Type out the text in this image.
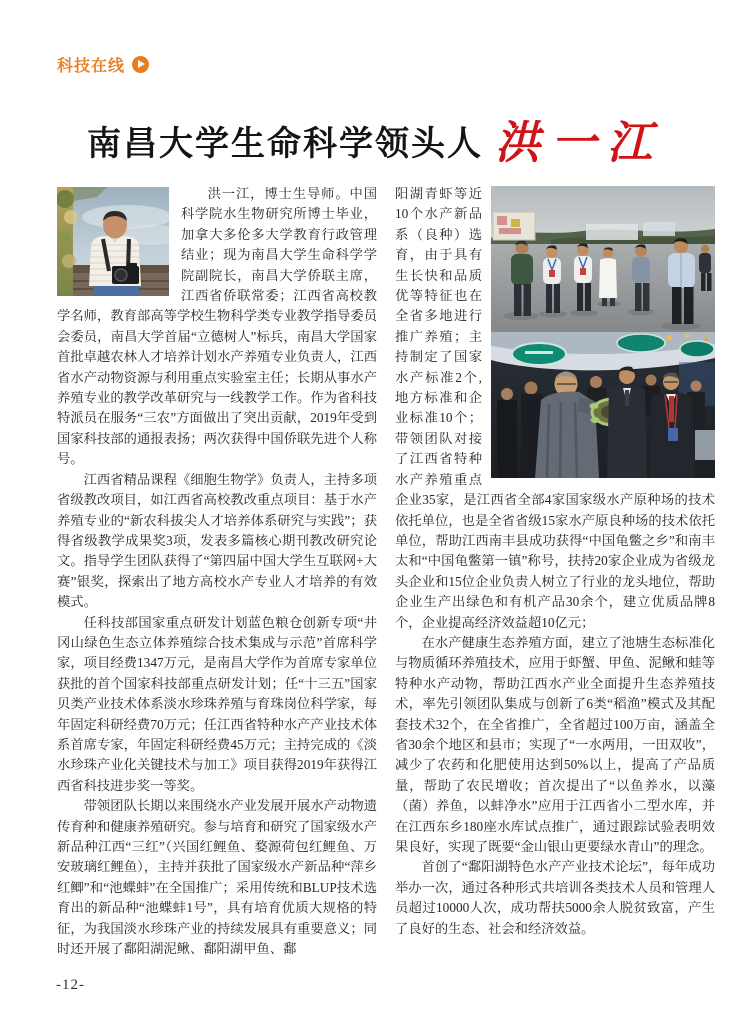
科技在线
南昌大学生命科学领头人 洪一江

洪一江，博士生导师。中国科学院水生物研究所博士毕业，加拿大多伦多大学教育行政管理结业；现为南昌大学生命科学学院副院长，南昌大学侨联主席，江西省侨联常委；江西省高校教学名师，教育部高等学校生物科学类专业教学指导委员会委员，南昌大学首届“立德树人”标兵，南昌大学国家首批卓越农林人才培养计划水产养殖专业负责人，江西省水产动物资源与利用重点实验室主任；长期从事水产养殖专业的教学改革研究与一线教学工作。作为省科技特派员在服务“三农”方面做出了突出贡献，2019年受到国家科技部的通报表扬；两次获得中国侨联先进个人称号。

江西省精品课程《细胞生物学》负责人，主持多项省级教改项目，如江西省高校教改重点项目：基于水产养殖专业的“新农科拔尖人才培养体系研究与实践”；获得省级教学成果奖3项，发表多篇核心期刊教改研究论文。指导学生团队获得了“第四届中国大学生互联网+大赛”银奖，探索出了地方高校水产专业人才培养的有效模式。

任科技部国家重点研发计划蓝色粮仓创新专项“井冈山绿色生态立体养殖综合技术集成与示范”首席科学家，项目经费1347万元，是南昌大学作为首席专家单位获批的首个国家科技部重点研发计划；任“十三五”国家贝类产业技术体系淡水珍珠养殖与育珠岗位科学家，每年固定科研经费70万元；任江西省特种水产产业技术体系首席专家，年固定科研经费45万元；主持完成的《淡水珍珠产业化关键技术与加工》项目获得2019年获得江西省科技进步奖一等奖。

带领团队长期以来围绕水产业发展开展水产动物遗传育种和健康养殖研究。参与培育和研究了国家级水产新品种江西“三红”（兴国红鲤鱼、婺源荷包红鲤鱼、万安玻璃红鲤鱼），主持并获批了国家级水产新品种“萍乡红鲫”和“池蝶蚌”在全国推广；采用传统和BLUP技术选育出的新品种“池蝶蚌1号”，具有培育优质大规格的特征，为我国淡水珍珠产业的持续发展具有重要意义；同时还开展了鄱阳湖泥鳅、鄱阳湖甲鱼、鄱

阳湖青虾等近10个水产新品系（良种）选育，由于具有生长快和品质优等特征也在全省多地进行推广养殖；主持制定了国家水产标准2个,地方标准和企业标准10个；带领团队对接了江西省特种水产养殖重点企业35家，是江西省全部4家国家级水产原种场的技术依托单位，也是全省省级15家水产原良种场的技术依托单位，帮助江西南丰县成功获得“中国龟鳖之乡”和南丰太和“中国龟鳖第一镇”称号，扶持20家企业成为省级龙头企业和15位企业负责人树立了行业的龙头地位，帮助企业生产出绿色和有机产品30余个，建立优质品牌8个，企业提高经济效益超10亿元；

在水产健康生态养殖方面，建立了池塘生态标准化与物质循环养殖技术，应用于虾蟹、甲鱼、泥鳅和蛙等特种水产动物，帮助江西水产业全面提升生态养殖技术，率先引领团队集成与创新了6类“稻渔”模式及其配套技术32个，在全省推广，全省超过100万亩，涵盖全省30余个地区和县市；实现了“一水两用，一田双收”，减少了农药和化肥使用达到50%以上，提高了产品质量，帮助了农民增收；首次提出了“以鱼养水，以藻（菌）养鱼，以蚌净水”应用于江西省小二型水库，并在江西东乡180座水库试点推广，通过跟踪试验表明效果良好，实现了既要“金山银山更要绿水青山”的理念。

首创了“鄱阳湖特色水产产业技术论坛”，每年成功举办一次，通过各种形式共培训各类技术人员和管理人员超过10000人次，成功帮扶5000余人脱贫致富，产生了良好的生态、社会和经济效益。

-12-
